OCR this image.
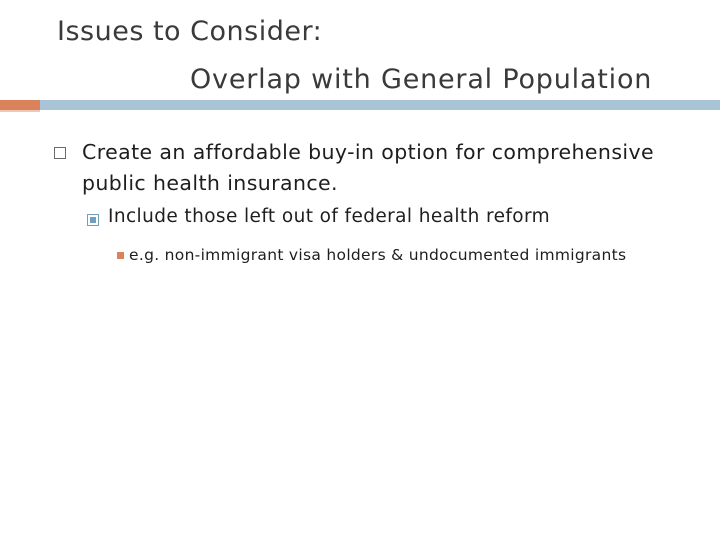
Issues to Consider:
Overlap with General Population
Create an affordable buy-in option for comprehensive public health insurance.
Include those left out of federal health reform
e.g. non-immigrant visa holders & undocumented immigrants
